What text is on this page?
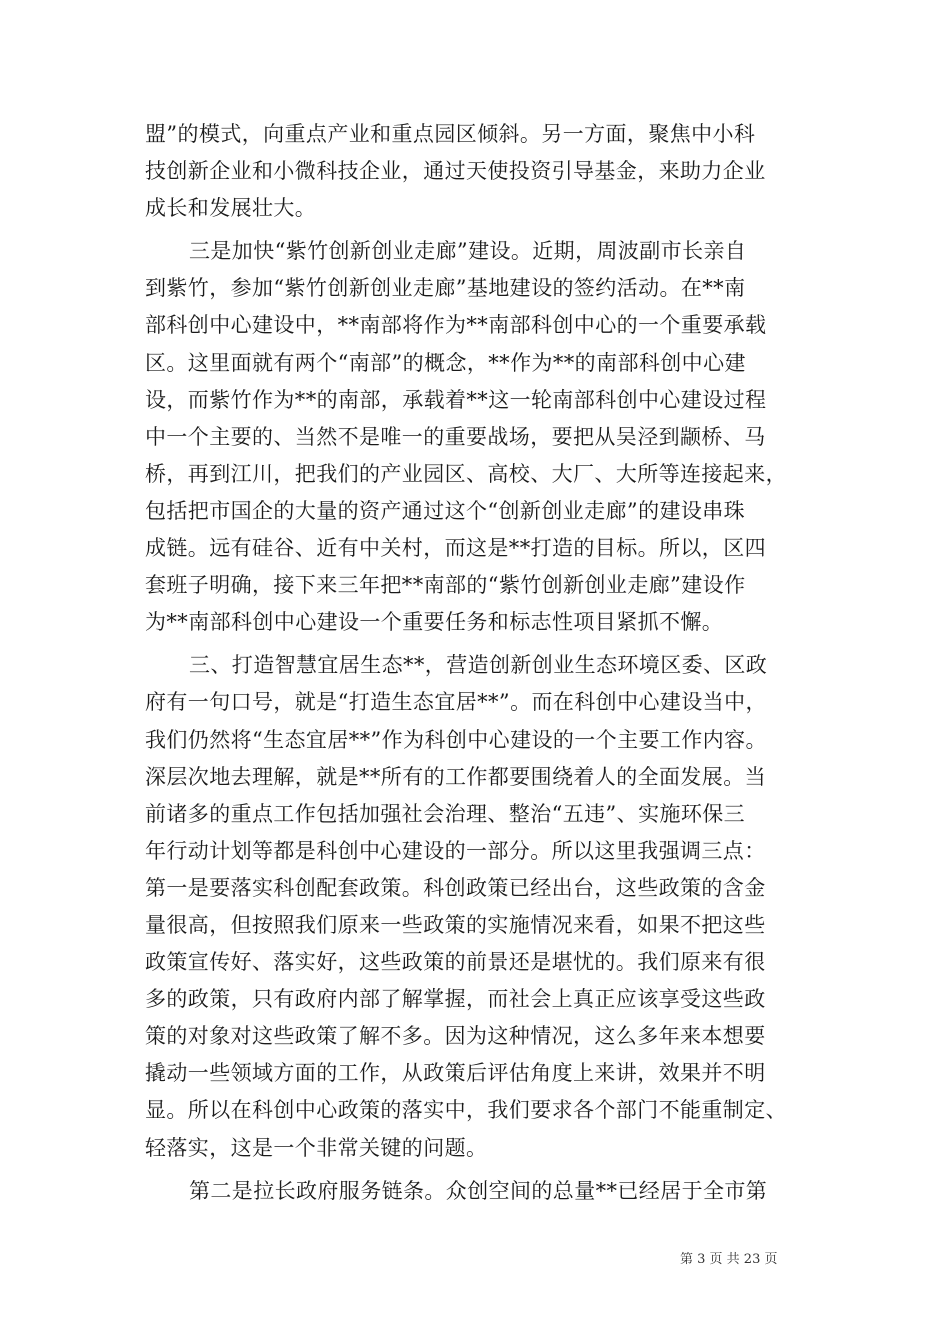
盟”的模式，向重点产业和重点园区倾斜。另一方面，聚焦中小科
技创新企业和小微科技企业，通过天使投资引导基金，来助力企业
成长和发展壮大。
三是加快“紫竹创新创业走廊”建设。近期，周波副市长亲自
到紫竹，参加“紫竹创新创业走廊”基地建设的签约活动。在**南
部科创中心建设中，**南部将作为**南部科创中心的一个重要承载
区。这里面就有两个“南部”的概念，**作为**的南部科创中心建
设，而紫竹作为**的南部，承载着**这一轮南部科创中心建设过程
中一个主要的、当然不是唯一的重要战场，要把从吴泾到颛桥、马
桥，再到江川，把我们的产业园区、高校、大厂、大所等连接起来，
包括把市国企的大量的资产通过这个“创新创业走廊”的建设串珠
成链。远有硅谷、近有中关村，而这是**打造的目标。所以，区四
套班子明确，接下来三年把**南部的“紫竹创新创业走廊”建设作
为**南部科创中心建设一个重要任务和标志性项目紧抓不懈。
三、打造智慧宜居生态**，营造创新创业生态环境区委、区政
府有一句口号，就是“打造生态宜居**”。而在科创中心建设当中，
我们仍然将“生态宜居**”作为科创中心建设的一个主要工作内容。
深层次地去理解，就是**所有的工作都要围绕着人的全面发展。当
前诸多的重点工作包括加强社会治理、整治“五违”、实施环保三
年行动计划等都是科创中心建设的一部分。所以这里我强调三点：
第一是要落实科创配套政策。科创政策已经出台，这些政策的含金
量很高，但按照我们原来一些政策的实施情况来看，如果不把这些
政策宣传好、落实好，这些政策的前景还是堪忧的。我们原来有很
多的政策，只有政府内部了解掌握，而社会上真正应该享受这些政
策的对象对这些政策了解不多。因为这种情况，这么多年来本想要
撬动一些领域方面的工作，从政策后评估角度上来讲，效果并不明
显。所以在科创中心政策的落实中，我们要求各个部门不能重制定、
轻落实，这是一个非常关键的问题。
第二是拉长政府服务链条。众创空间的总量**已经居于全市第
第 3 页 共 23 页
